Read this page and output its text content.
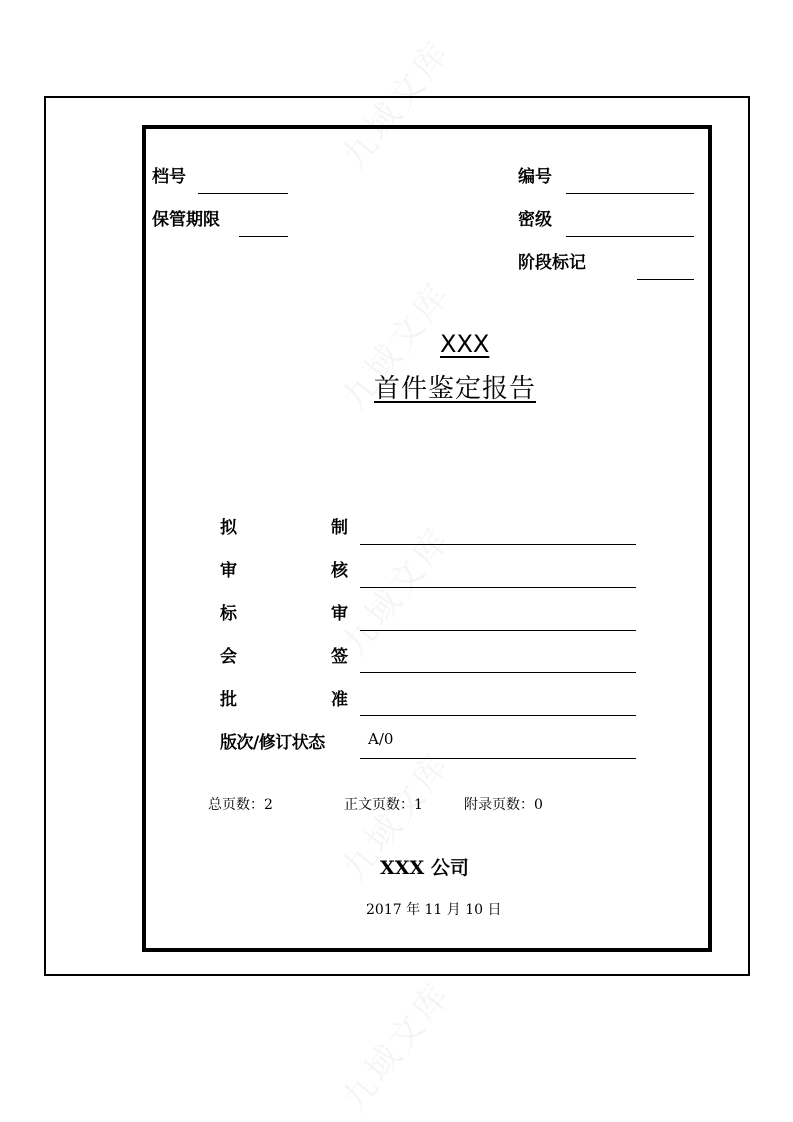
档号
保管期限
编号
密级
阶段标记
XXX
首件鉴定报告
拟	制
审	核
标	审
会	签
批	准
版次/修订状态	A/0
总页数：2	正文页数：1	附录页数：0
XXX 公司
2017 年 11 月 10 日
